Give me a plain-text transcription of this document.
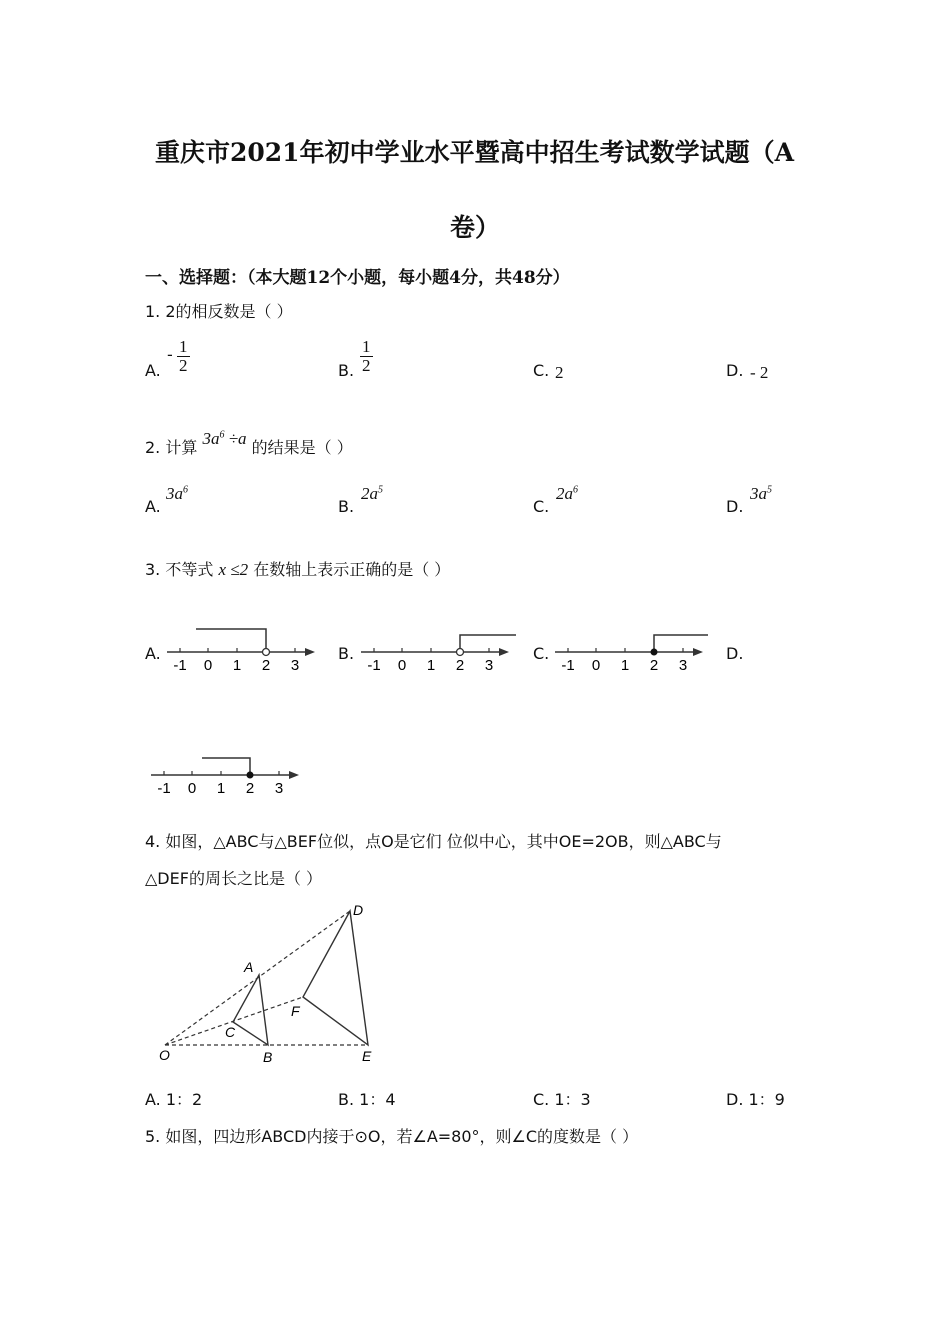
重庆市2021年初中学业水平暨高中招生考试数学试题（A
卷）
一、选择题：（本大题12个小题，每小题4分，共48分）
1. 2的相反数是（ ）
A.
- $\frac{1}{2}$	B. $\frac{1}{2}$	C. 2	D. - 2
2. 计算 $3a^6 \div a$ 的结果是（ ）
A.
$3a^6$
B.
$2a^5$
C.
$2a^6$
D.
$3a^5$
3. 不等式 x ≤2 在数轴上表示正确的是（ ）
A.	B.	C.	D.
-1 0 1 2 3	-1 0 1 2 3	-1 0 1 2 3
-1 0 1 2 3
4. 如图，△ABC与△BEF位似，点O是它们 位似中心，其中OE=2OB，则△ABC与
△DEF的周长之比是（ ）
A
B
C
D
E
F
O
A. 1：2	B. 1：4	C. 1：3	D. 1：9
5. 如图，四边形ABCD内接于⊙O，若∠A=80°，则∠C的度数是（ ）
